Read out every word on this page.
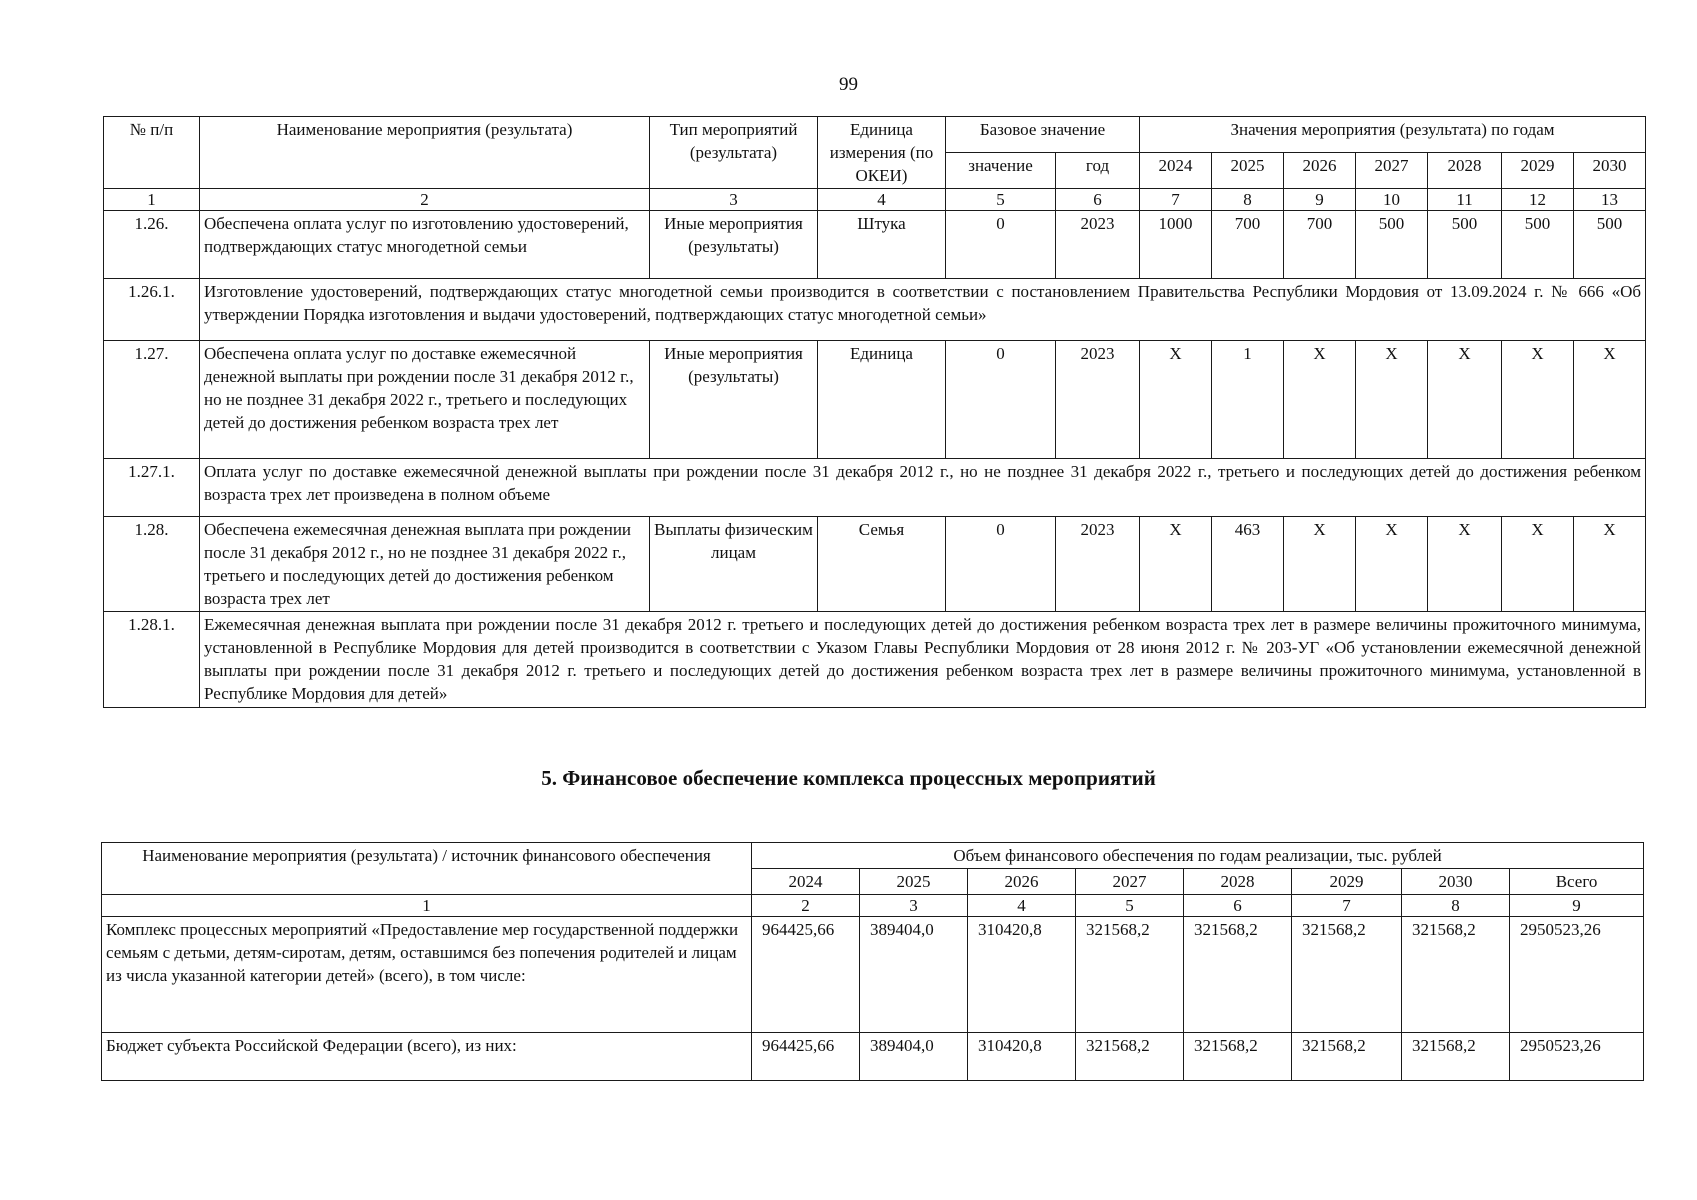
99
№ п/п	Наименование мероприятия (результата)	Тип мероприятий (результата)	Единица измерения (по ОКЕИ)	Базовое значение		Значения мероприятия (результата) по годам						
				значение	год	2024	2025	2026	2027	2028	2029	2030
1	2	3	4	5	6	7	8	9	10	11	12	13
1.26.	Обеспечена оплата услуг по изготовлению удостоверений, подтверждающих статус многодетной семьи	Иные мероприятия (результаты)	Штука	0	2023	1000	700	700	500	500	500	500
1.26.1.	Изготовление удостоверений, подтверждающих статус многодетной семьи производится в соответствии с постановлением Правительства Республики Мордовия от 13.09.2024 г. № 666 «Об утверждении Порядка изготовления и выдачи удостоверений, подтверждающих статус многодетной семьи»											
1.27.	Обеспечена оплата услуг по доставке ежемесячной денежной выплаты при рождении после 31 декабря 2012 г., но не позднее 31 декабря 2022 г., третьего и последующих детей до достижения ребенком возраста трех лет	Иные мероприятия (результаты)	Единица	0	2023	X	1	X	X	X	X	X
1.27.1.	Оплата услуг по доставке ежемесячной денежной выплаты при рождении после 31 декабря 2012 г., но не позднее 31 декабря 2022 г., третьего и последующих детей до достижения ребенком возраста трех лет произведена в полном объеме											
1.28.	Обеспечена ежемесячная денежная выплата при рождении после 31 декабря 2012 г., но не позднее 31 декабря 2022 г., третьего и последующих детей до достижения ребенком возраста трех лет	Выплаты физическим лицам	Семья	0	2023	X	463	X	X	X	X	X
1.28.1.	Ежемесячная денежная выплата при рождении после 31 декабря 2012 г. третьего и последующих детей до достижения ребенком возраста трех лет в размере величины прожиточного минимума, установленной в Республике Мордовия для детей производится в соответствии с Указом Главы Республики Мордовия от 28 июня 2012 г. № 203-УГ «Об установлении ежемесячной денежной выплаты при рождении после 31 декабря 2012 г. третьего и последующих детей до достижения ребенком возраста трех лет в размере величины прожиточного минимума, установленной в Республике Мордовия для детей»											
5. Финансовое обеспечение комплекса процессных мероприятий
Наименование мероприятия (результата) / источник финансового обеспечения	Объем финансового обеспечения по годам реализации, тыс. рублей							
	2024	2025	2026	2027	2028	2029	2030	Всего
1	2	3	4	5	6	7	8	9
Комплекс процессных мероприятий «Предоставление мер государственной поддержки семьям с детьми, детям-сиротам, детям, оставшимся без попечения родителей и лицам из числа указанной категории детей» (всего), в том числе:	964425,66	389404,0	310420,8	321568,2	321568,2	321568,2	321568,2	2950523,26
Бюджет субъекта Российской Федерации (всего), из них:	964425,66	389404,0	310420,8	321568,2	321568,2	321568,2	321568,2	2950523,26
